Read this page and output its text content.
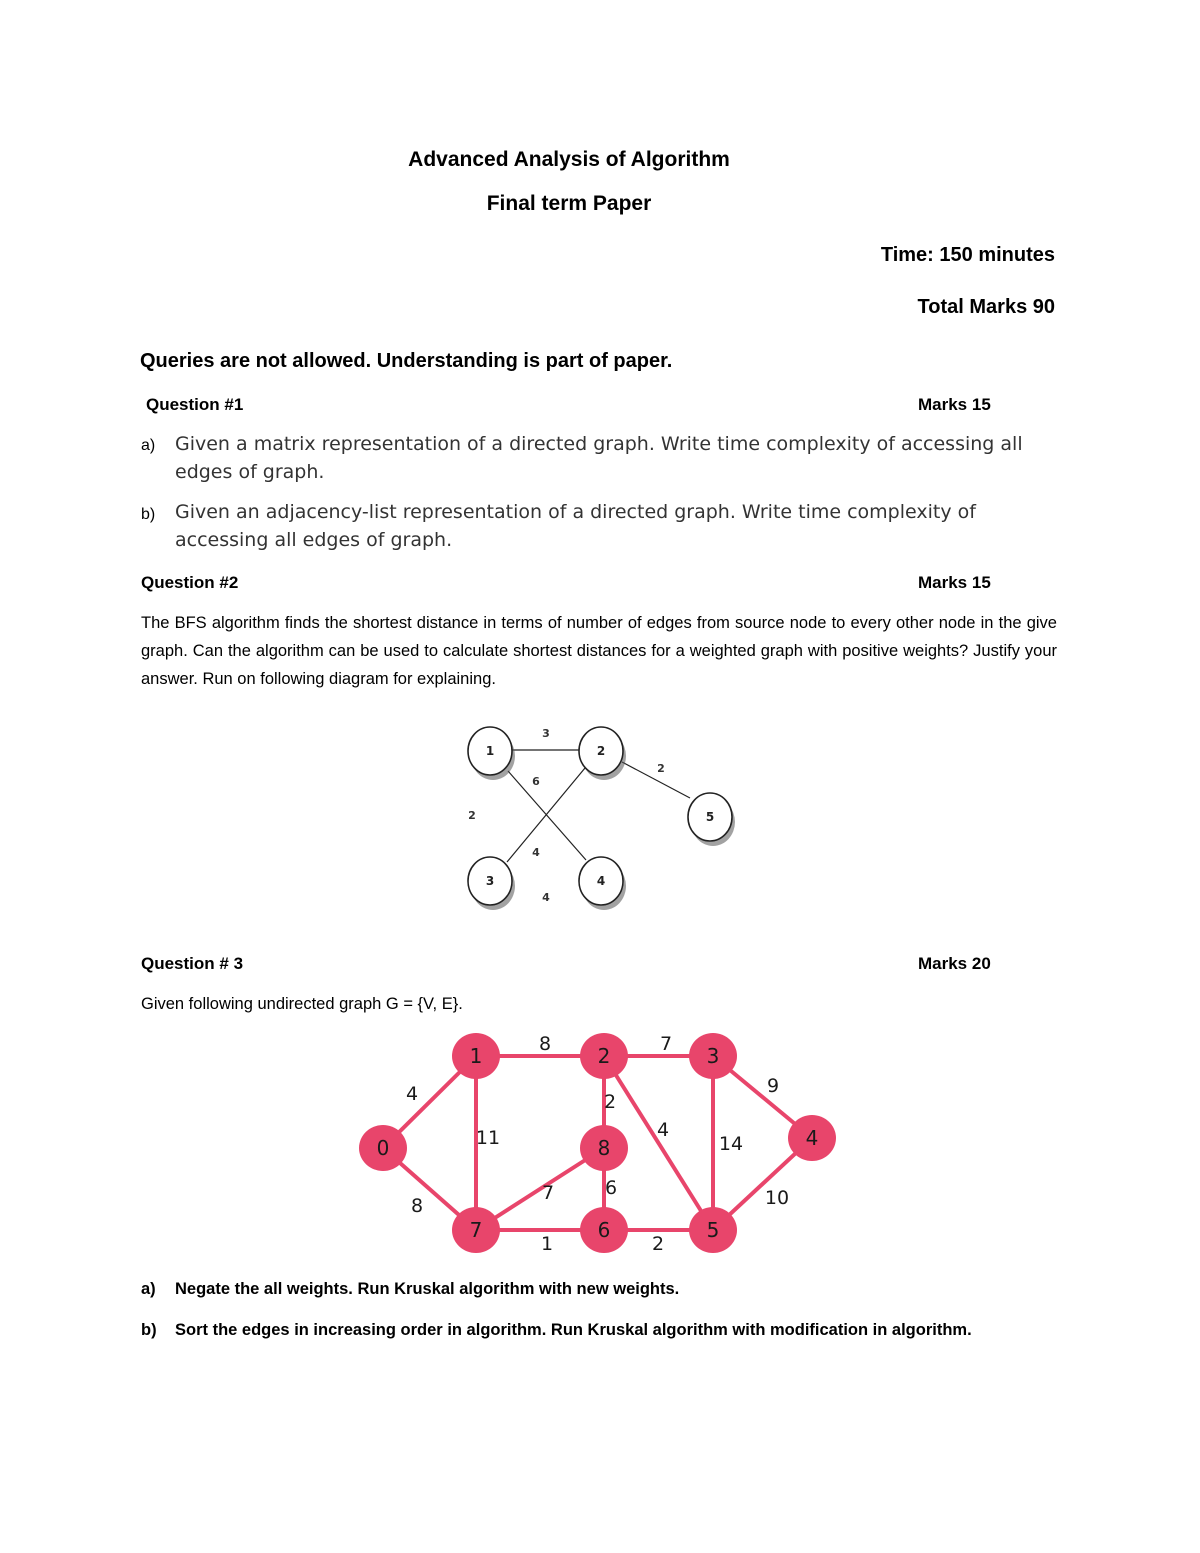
Advanced Analysis of Algorithm
Final term Paper
Time: 150 minutes
Total Marks 90
Queries are not allowed. Understanding is part of paper.
Question #1	Marks 15
a) Given a matrix representation of a directed graph. Write time complexity of accessing all edges of graph.
b) Given an adjacency-list representation of a directed graph. Write time complexity of accessing all edges of graph.
Question #2	Marks 15
The BFS algorithm finds the shortest distance in terms of number of edges from source node to every other node in the give graph. Can the algorithm can be used to calculate shortest distances for a weighted graph with positive weights? Justify your answer. Run on following diagram for explaining.
3
6
4
2
2
4
1	2
3	4
5
Question # 3	Marks 20
Given following undirected graph G = {V, E}.
4
8
8
11
7
2
4
9
14
10
7	6
1	2
0
1	2	3
4
5
6
7
8
a) Negate the all weights. Run Kruskal algorithm with new weights.
b) Sort the edges in increasing order in algorithm. Run Kruskal algorithm with modification in algorithm.
